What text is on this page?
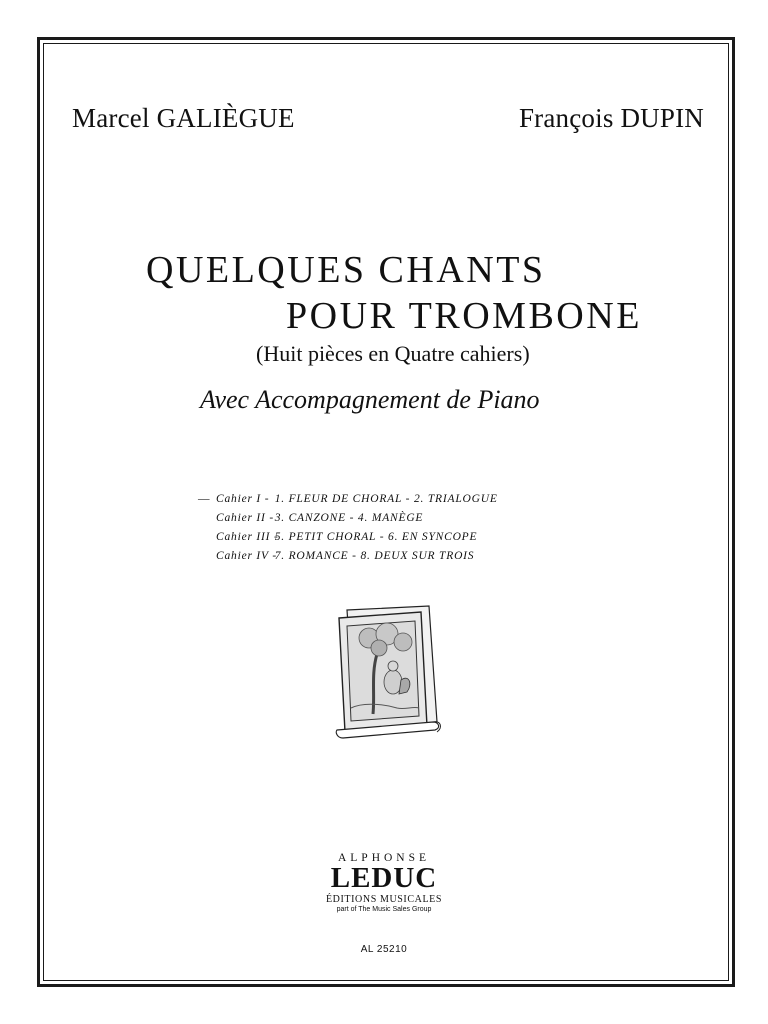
Marcel GALIÈGUE	François DUPIN
QUELQUES CHANTS
POUR TROMBONE
(Huit pièces en Quatre cahiers)
Avec Accompagnement de Piano
— Cahier I - 1. FLEUR DE CHORAL - 2. TRIALOGUE
Cahier II - 3. CANZONE - 4. MANÈGE
Cahier III - 5. PETIT CHORAL - 6. EN SYNCOPE
Cahier IV - 7. ROMANCE - 8. DEUX SUR TROIS
ALPHONSE
LEDUC
ÉDITIONS MUSICALES
part of The Music Sales Group
AL 25210
